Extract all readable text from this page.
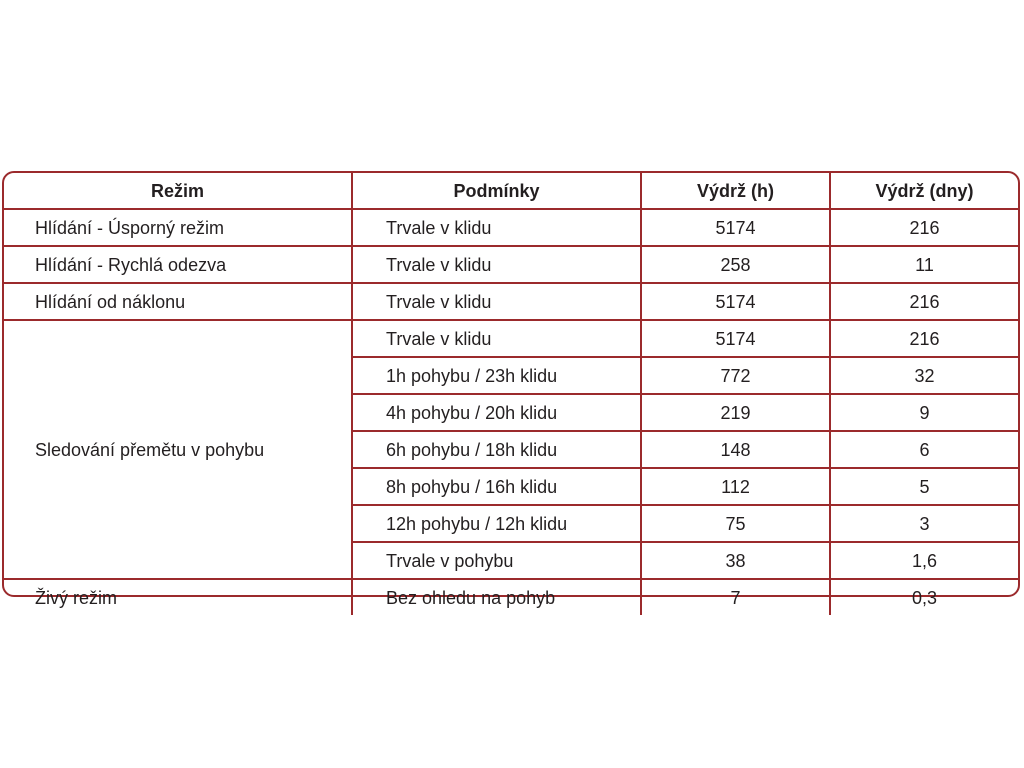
Režim	Podmínky	Výdrž (h)	Výdrž (dny)
Hlídání - Úsporný režim	Trvale v klidu	5174	216
Hlídání - Rychlá odezva	Trvale v klidu	258	11
Hlídání od náklonu	Trvale v klidu	5174	216
Sledování přemětu v pohybu	Trvale v klidu	5174	216
	1h pohybu / 23h klidu	772	32
	4h pohybu / 20h klidu	219	9
	6h pohybu / 18h klidu	148	6
	8h pohybu / 16h klidu	112	5
	12h pohybu / 12h klidu	75	3
	Trvale v pohybu	38	1,6
Živý režim	Bez ohledu na pohyb	7	0,3
